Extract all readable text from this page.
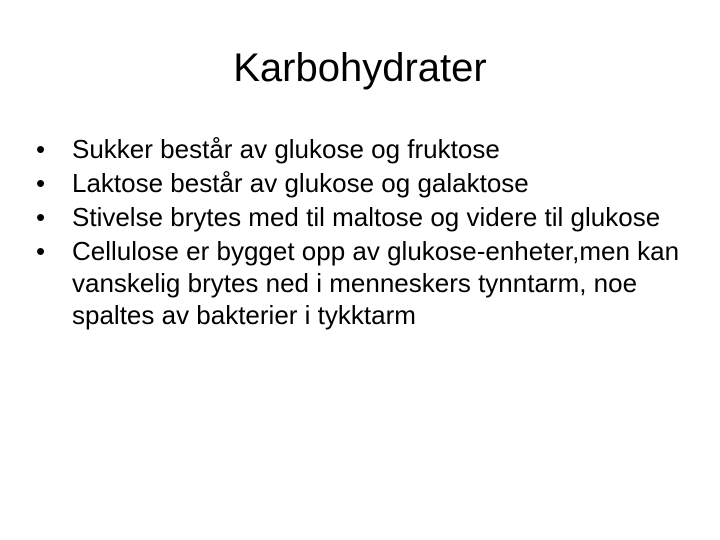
Karbohydrater
•	Sukker består av glukose og fruktose
•	Laktose består av glukose og galaktose
•	Stivelse brytes med til maltose og videre til glukose
•	Cellulose er bygget opp av glukose-enheter,men kan vanskelig brytes ned i menneskers tynntarm, noe spaltes av bakterier i tykktarm
